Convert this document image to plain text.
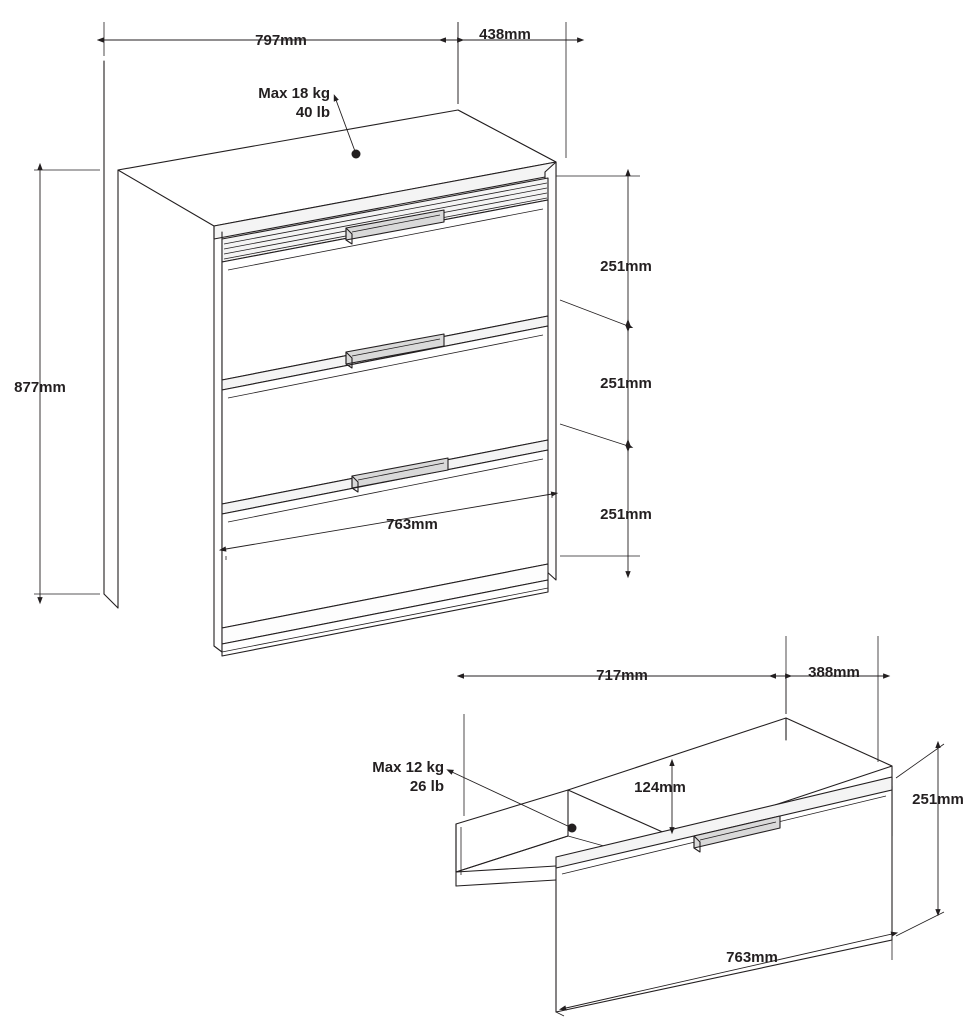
Max 18 kg
40 lb
797mm	438mm
877mm
763mm
251mm
251mm
251mm
Max 12 kg
26 lb
717mm	388mm
124mm
251mm
763mm
